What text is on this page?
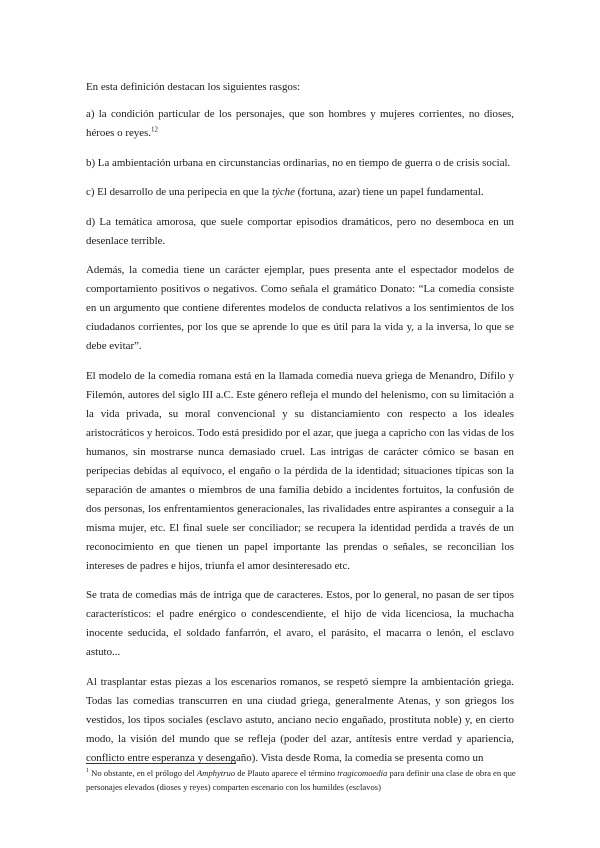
En esta definición destacan los siguientes rasgos:

a) la condición particular de los personajes, que son hombres y mujeres corrientes, no dioses, héroes o reyes.$^{12}$

b) La ambientación urbana en circunstancias ordinarias, no en tiempo de guerra o de crisis social.

c) El desarrollo de una peripecia en que la týche (fortuna, azar) tiene un papel fundamental.

d) La temática amorosa, que suele comportar episodios dramáticos, pero no desemboca en un desenlace terrible.

Además, la comedia tiene un carácter ejemplar, pues presenta ante el espectador modelos de comportamiento positivos o negativos. Como señala el gramático Donato: “La comedia consiste en un argumento que contiene diferentes modelos de conducta relativos a los sentimientos de los ciudadanos corrientes, por los que se aprende lo que es útil para la vida y, a la inversa, lo que se debe evitar”.

El modelo de la comedia romana está en la llamada comedia nueva griega de Menandro, Dífilo y Filemón, autores del siglo III a.C. Este género refleja el mundo del helenismo, con su limitación a la vida privada, su moral convencional y su distanciamiento con respecto a los ideales aristocráticos y heroicos. Todo está presidido por el azar, que juega a capricho con las vidas de los humanos, sin mostrarse nunca demasiado cruel. Las intrigas de carácter cómico se basan en peripecias debidas al equívoco, el engaño o la pérdida de la identidad; situaciones típicas son la separación de amantes o miembros de una familia debido a incidentes fortuitos, la confusión de dos personas, los enfrentamientos generacionales, las rivalidades entre aspirantes a conseguir a la misma mujer, etc. El final suele ser conciliador; se recupera la identidad perdida a través de un reconocimiento en que tienen un papel importante las prendas o señales, se reconcilian los intereses de padres e hijos, triunfa el amor desinteresado etc.

Se trata de comedias más de intriga que de caracteres. Estos, por lo general, no pasan de ser tipos característicos: el padre enérgico o condescendiente, el hijo de vida licenciosa, la muchacha inocente seducida, el soldado fanfarrón, el avaro, el parásito, el macarra o lenón, el esclavo astuto...

Al trasplantar estas piezas a los escenarios romanos, se respetó siempre la ambientación griega. Todas las comedias transcurren en una ciudad griega, generalmente Atenas, y son griegos los vestidos, los tipos sociales (esclavo astuto, anciano necio engañado, prostituta noble) y, en cierto modo, la visión del mundo que se refleja (poder del azar, antítesis entre verdad y apariencia, conflicto entre esperanza y desengaño). Vista desde Roma, la comedia se presenta como un

$^1$ No obstante, en el prólogo del Amphytruo de Plauto aparece el término tragicomoedia para definir una clase de obra en que personajes elevados (dioses y reyes) comparten escenario con los humildes (esclavos)
